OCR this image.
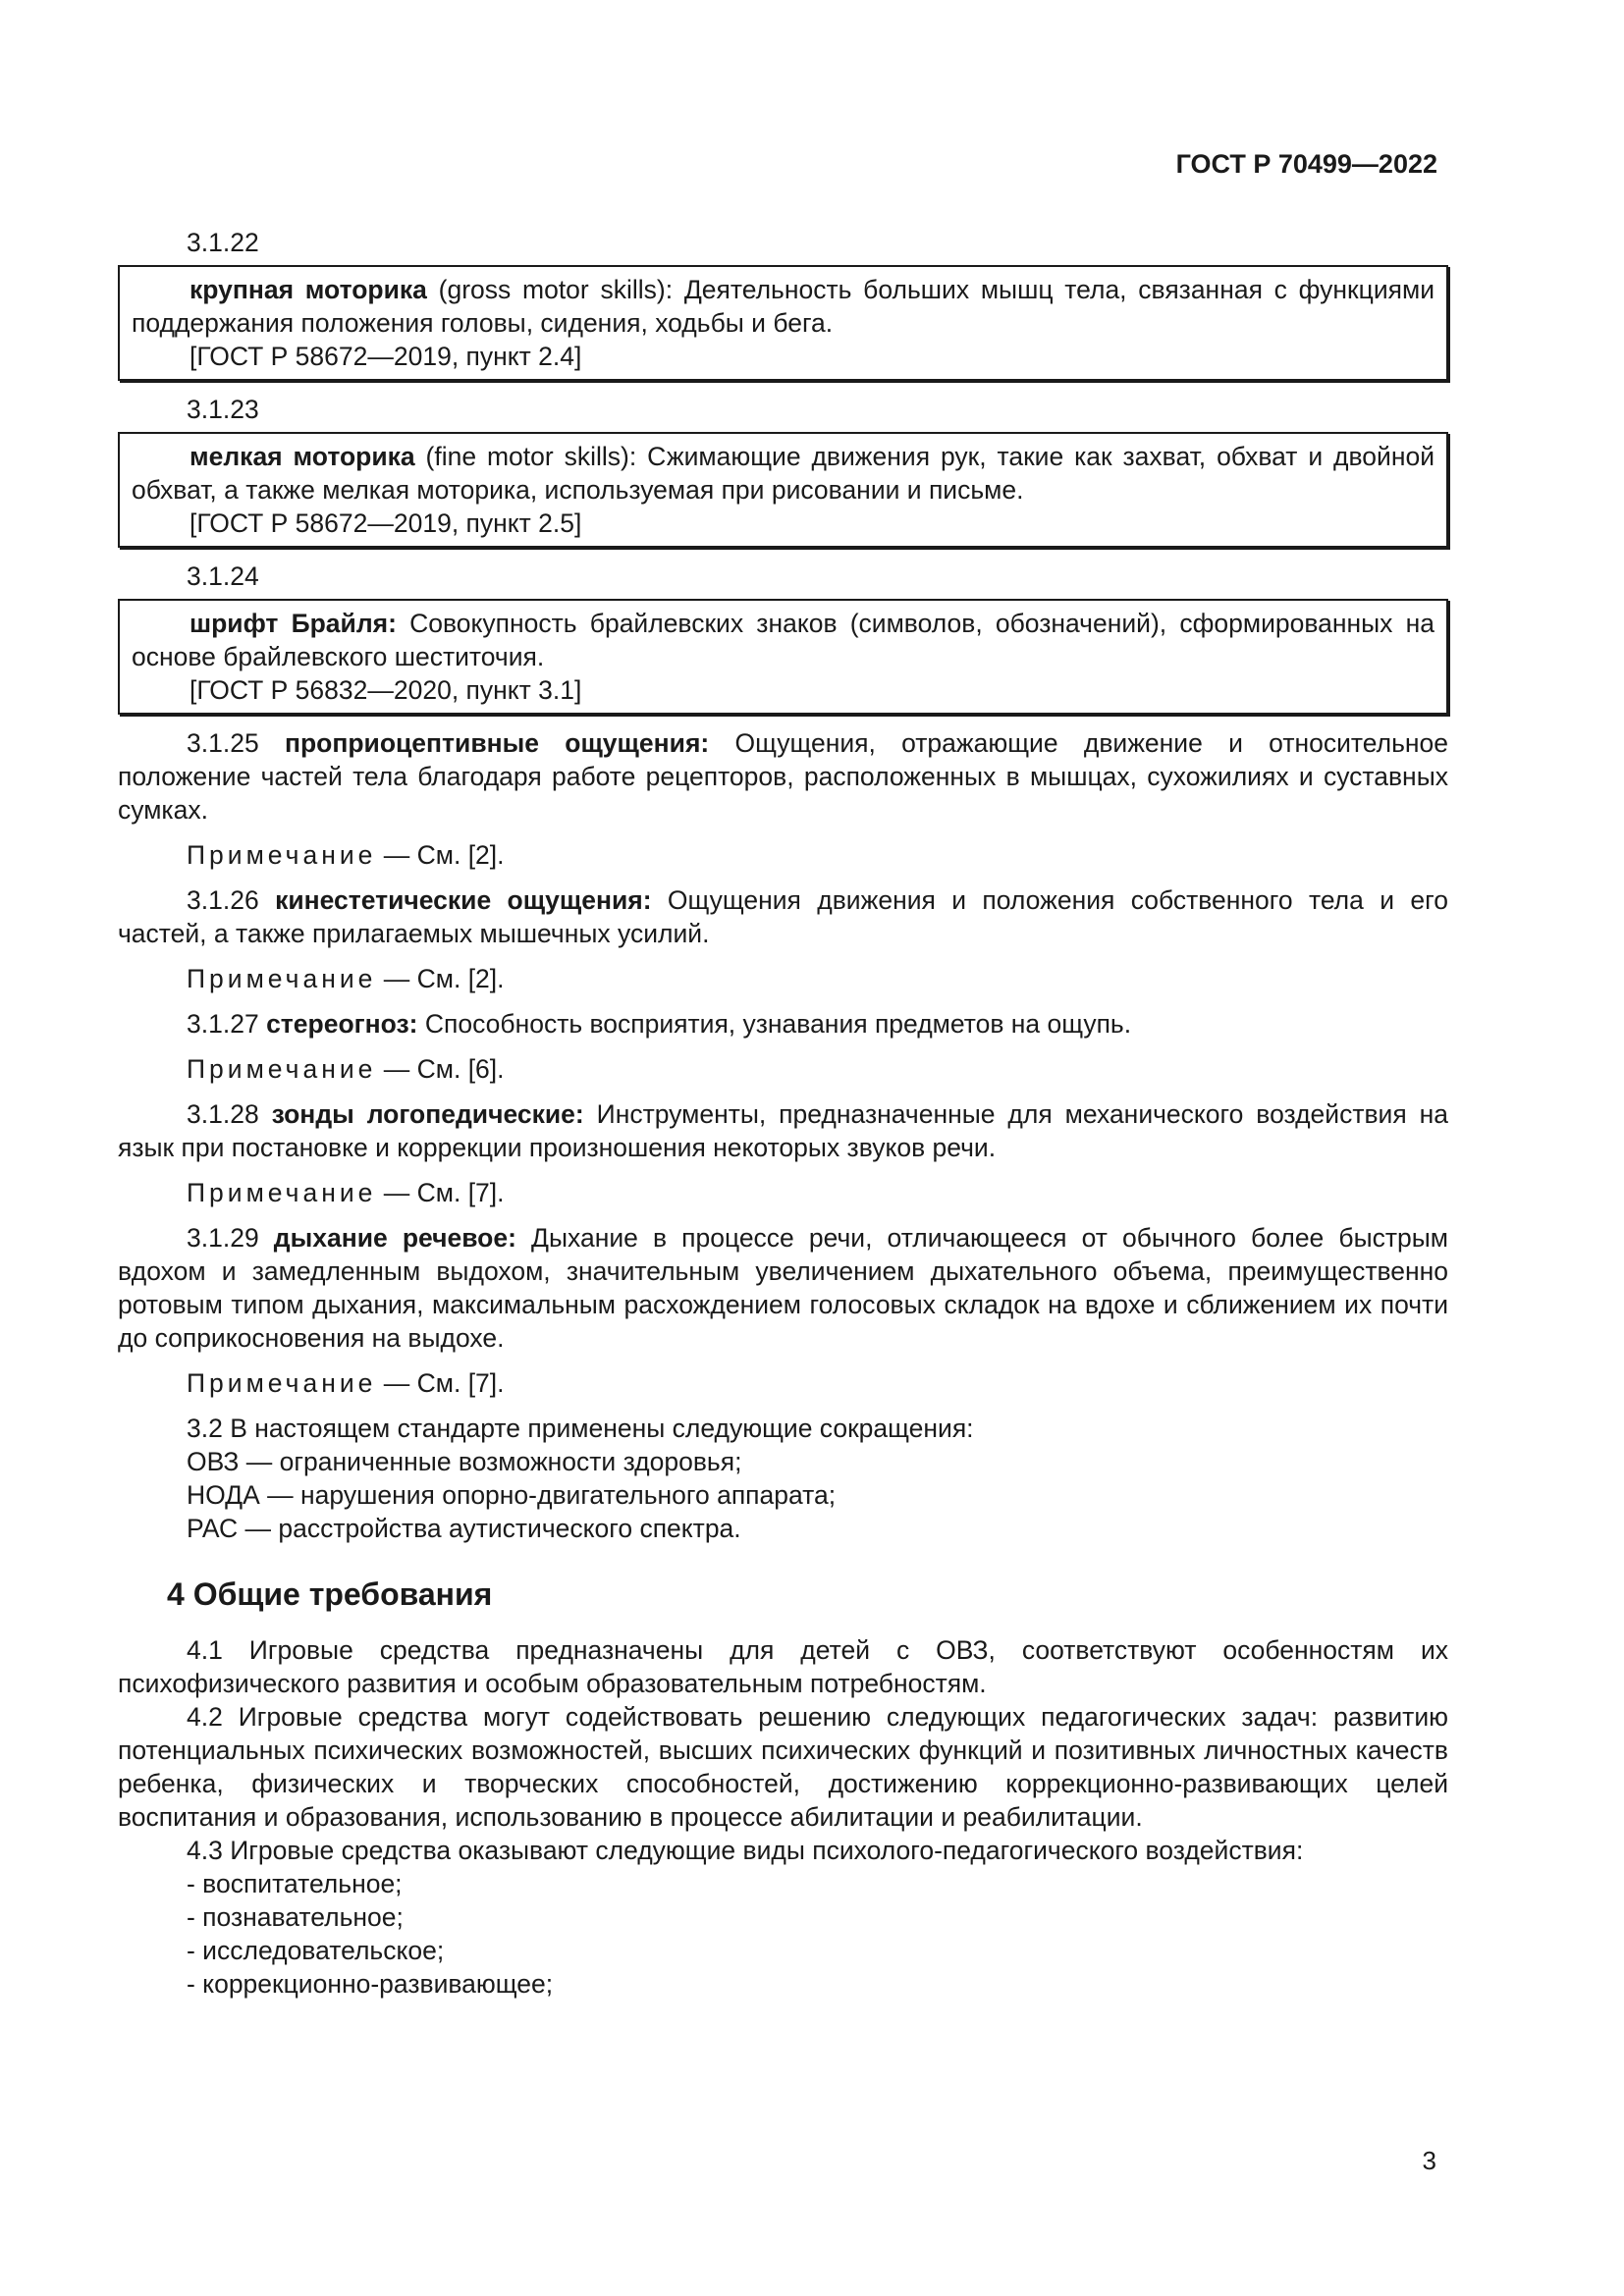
ГОСТ Р 70499—2022

3.1.22

крупная моторика (gross motor skills): Деятельность больших мышц тела, связанная с функциями поддержания положения головы, сидения, ходьбы и бега.

[ГОСТ Р 58672—2019, пункт 2.4]

3.1.23

мелкая моторика (fine motor skills): Сжимающие движения рук, такие как захват, обхват и двойной обхват, а также мелкая моторика, используемая при рисовании и письме.

[ГОСТ Р 58672—2019, пункт 2.5]

3.1.24

шрифт Брайля: Совокупность брайлевских знаков (символов, обозначений), сформированных на основе брайлевского шеститочия.

[ГОСТ Р 56832—2020, пункт 3.1]

3.1.25 проприоцептивные ощущения: Ощущения, отражающие движение и относительное положение частей тела благодаря работе рецепторов, расположенных в мышцах, сухожилиях и суставных сумках.

Примечание — См. [2].

3.1.26 кинестетические ощущения: Ощущения движения и положения собственного тела и его частей, а также прилагаемых мышечных усилий.

Примечание — См. [2].

3.1.27 стереогноз: Способность восприятия, узнавания предметов на ощупь.

Примечание — См. [6].

3.1.28 зонды логопедические: Инструменты, предназначенные для механического воздействия на язык при постановке и коррекции произношения некоторых звуков речи.

Примечание — См. [7].

3.1.29 дыхание речевое: Дыхание в процессе речи, отличающееся от обычного более быстрым вдохом и замедленным выдохом, значительным увеличением дыхательного объема, преимущественно ротовым типом дыхания, максимальным расхождением голосовых складок на вдохе и сближением их почти до соприкосновения на выдохе.

Примечание — См. [7].

3.2 В настоящем стандарте применены следующие сокращения:

ОВЗ — ограниченные возможности здоровья;

НОДА — нарушения опорно-двигательного аппарата;

РАС — расстройства аутистического спектра.

4 Общие требования

4.1 Игровые средства предназначены для детей с ОВЗ, соответствуют особенностям их психофизического развития и особым образовательным потребностям.

4.2 Игровые средства могут содействовать решению следующих педагогических задач: развитию потенциальных психических возможностей, высших психических функций и позитивных личностных качеств ребенка, физических и творческих способностей, достижению коррекционно-развивающих целей воспитания и образования, использованию в процессе абилитации и реабилитации.

4.3 Игровые средства оказывают следующие виды психолого-педагогического воздействия:

- воспитательное;

- познавательное;

- исследовательское;

- коррекционно-развивающее;

3
